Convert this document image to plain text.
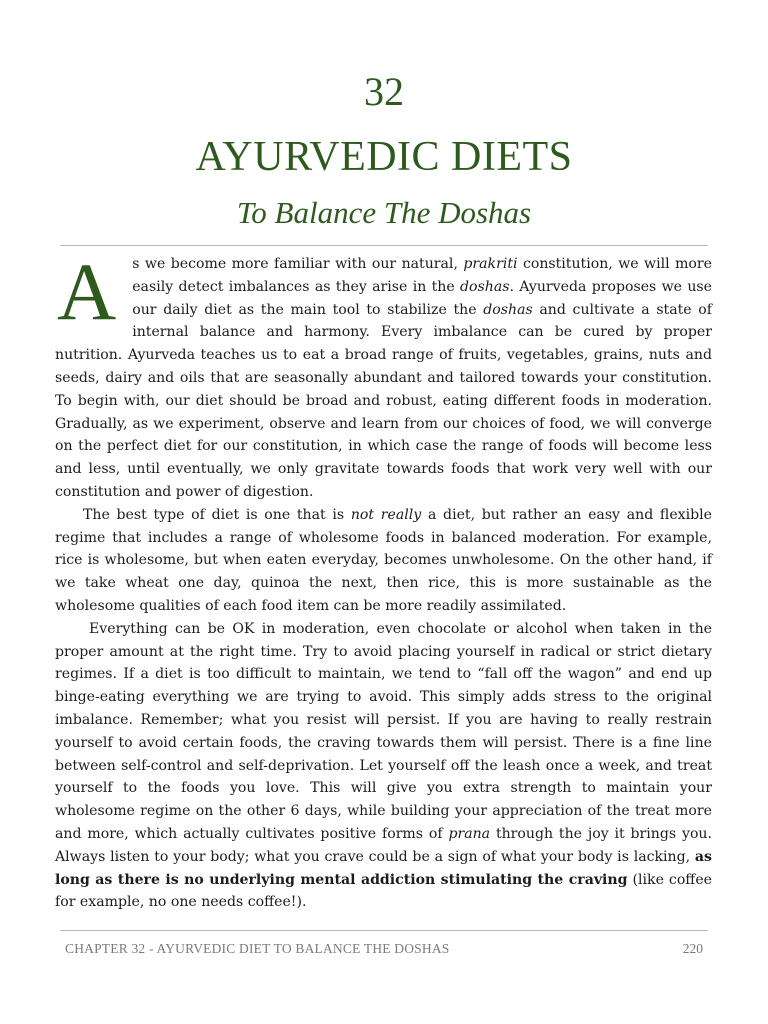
32
AYURVEDIC DIETS
To Balance The Doshas

A	s we become more familiar with our natural, prakriti constitution, we will more easily detect imbalances as they arise in the doshas. Ayurveda proposes we use our daily diet as the main tool to stabilize the doshas and cultivate a state of internal balance and harmony. Every imbalance can be cured by proper nutrition. Ayurveda teaches us to eat a broad range of fruits, vegetables, grains, nuts and seeds, dairy and oils that are seasonally abundant and tailored towards your constitution. To begin with, our diet should be broad and robust, eating different foods in moderation. Gradually, as we experiment, observe and learn from our choices of food, we will converge on the perfect diet for our constitution, in which case the range of foods will become less and less, until eventually, we only gravitate towards foods that work very well with our constitution and power of digestion.

The best type of diet is one that is not really a diet, but rather an easy and flexible regime that includes a range of wholesome foods in balanced moderation. For example, rice is wholesome, but when eaten everyday, becomes unwholesome. On the other hand, if we take wheat one day, quinoa the next, then rice, this is more sustainable as the wholesome qualities of each food item can be more readily assimilated.

Everything can be OK in moderation, even chocolate or alcohol when taken in the proper amount at the right time. Try to avoid placing yourself in radical or strict dietary regimes. If a diet is too difficult to maintain, we tend to “fall off the wagon” and end up binge-eating everything we are trying to avoid. This simply adds stress to the original imbalance. Remember; what you resist will persist. If you are having to really restrain yourself to avoid certain foods, the craving towards them will persist. There is a fine line between self-control and self-deprivation. Let yourself off the leash once a week, and treat yourself to the foods you love. This will give you extra strength to maintain your wholesome regime on the other 6 days, while building your appreciation of the treat more and more, which actually cultivates positive forms of prana through the joy it brings you. Always listen to your body; what you crave could be a sign of what your body is lacking, as long as there is no underlying mental addiction stimulating the craving (like coffee for example, no one needs coffee!).

CHAPTER 32 - AYURVEDIC DIET TO BALANCE THE DOSHAS	220
